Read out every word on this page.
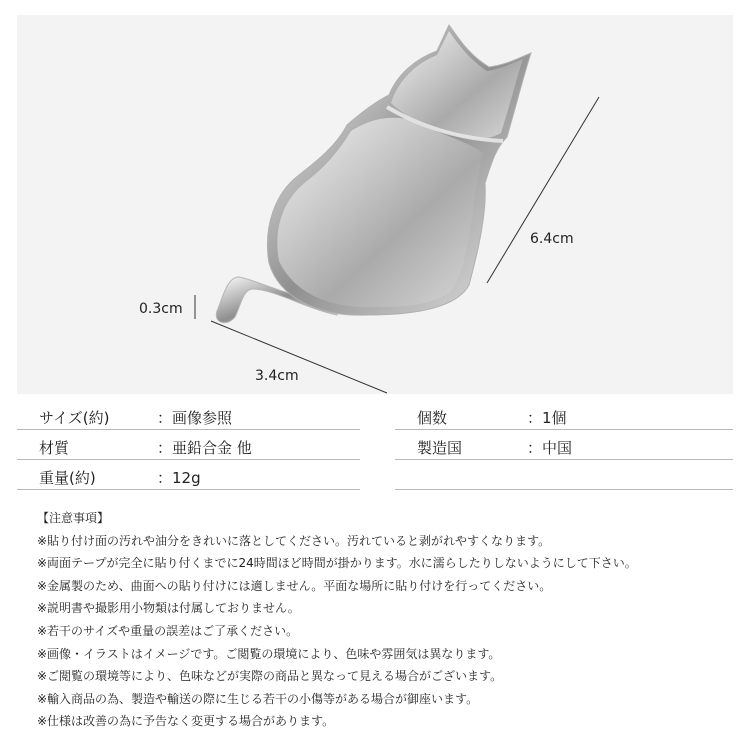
6.4cm
3.4cm
0.3cm
サイズ(約)	：画像参照
材質	：亜鉛合金 他
重量(約)	：12g
個数	：1個
製造国	：中国
【注意事項】
※貼り付け面の汚れや油分をきれいに落としてください。汚れていると剥がれやすくなります。
※両面テープが完全に貼り付くまでに24時間ほど時間が掛かります。水に濡らしたりしないようにして下さい。
※金属製のため、曲面への貼り付けには適しません。平面な場所に貼り付けを行ってください。
※説明書や撮影用小物類は付属しておりません。
※若干のサイズや重量の誤差はご了承ください。
※画像・イラストはイメージです。ご閲覧の環境により、色味や雰囲気は異なります。
※ご閲覧の環境等により、色味などが実際の商品と異なって見える場合がございます。
※輸入商品の為、製造や輸送の際に生じる若干の小傷等がある場合が御座います。
※仕様は改善の為に予告なく変更する場合があります。
